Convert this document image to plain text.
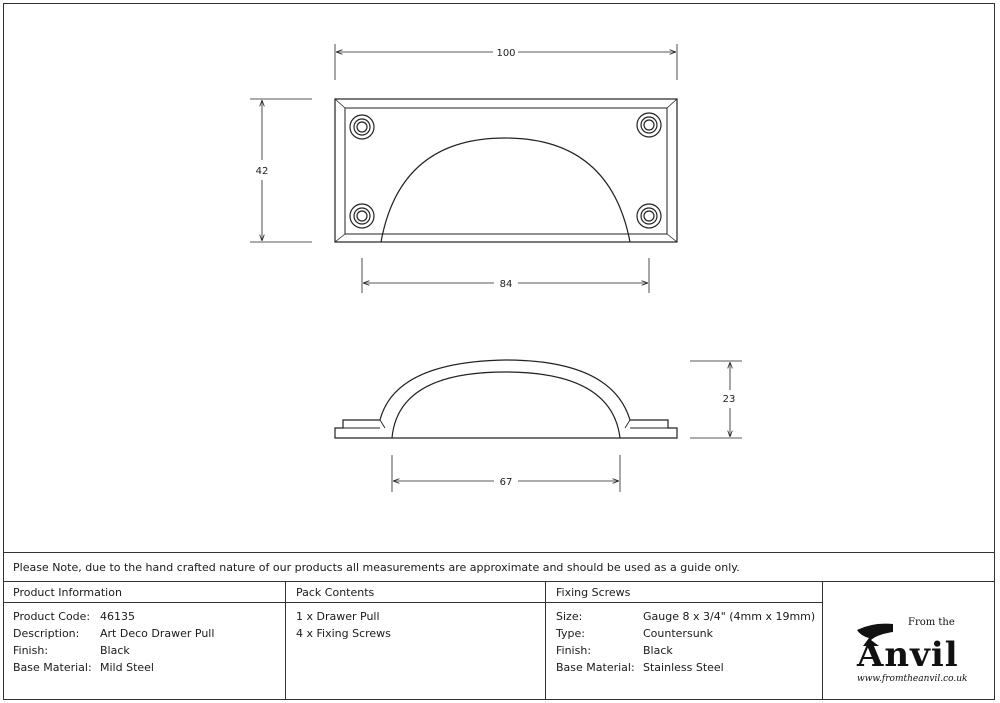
100
42
84
23
67
Please Note, due to the hand crafted nature of our products all measurements are approximate and should be used as a guide only.
Product Information
Product Code: 46135
Description:	Art Deco Drawer Pull
Finish:	Black
Base Material: Mild Steel
Pack Contents
1 x Drawer Pull
4 x Fixing Screws
Fixing Screws
Size:	Gauge 8 x 3/4" (4mm x 19mm)
Type:	Countersunk
Finish:	Black
Base Material: Stainless Steel
From the
Anvil
www.fromtheanvil.co.uk
